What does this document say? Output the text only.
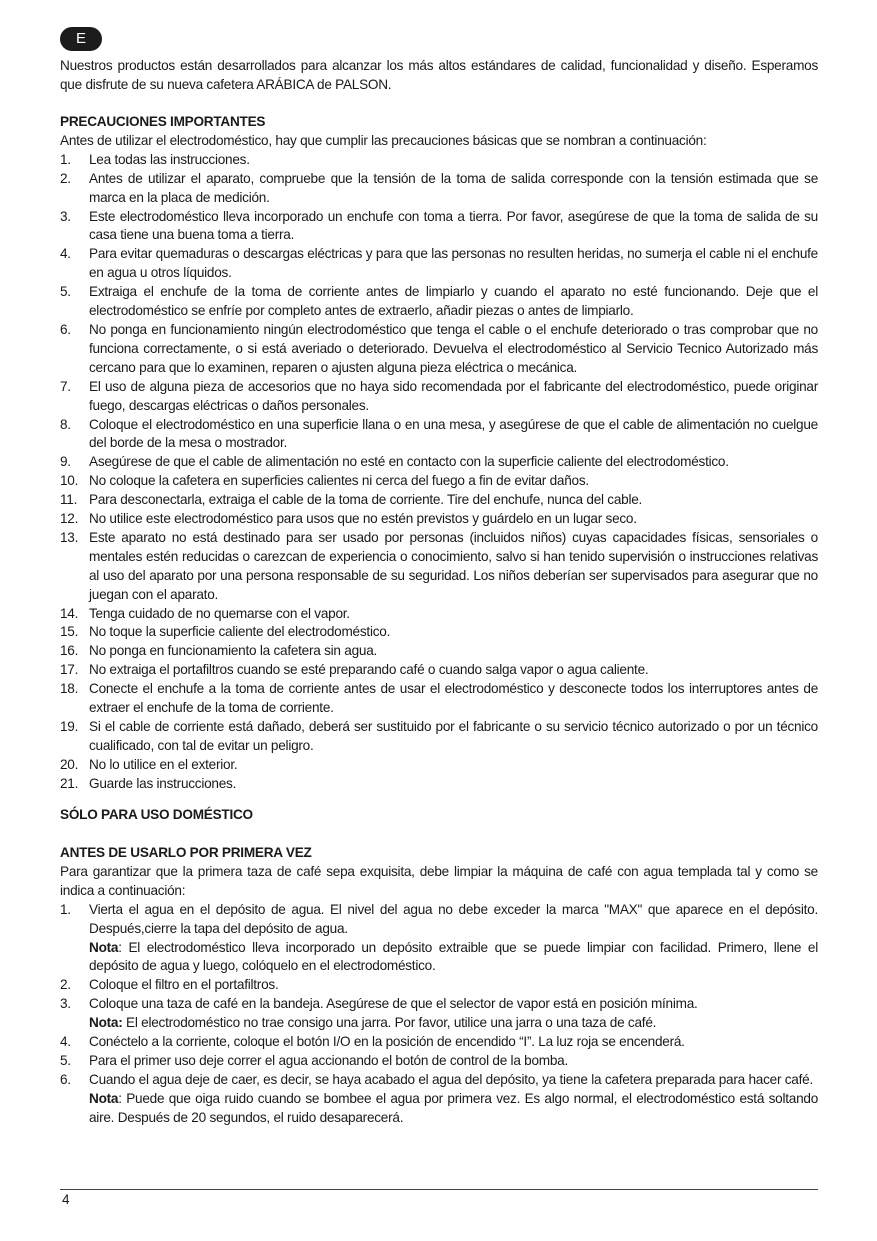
E

Nuestros productos están desarrollados para alcanzar los más altos estándares de calidad, funcionalidad y diseño. Esperamos que disfrute de su nueva cafetera ARÁBICA de PALSON.

PRECAUCIONES IMPORTANTES

Antes de utilizar el electrodoméstico, hay que cumplir las precauciones básicas que se nombran a continuación:

1. Lea todas las instrucciones.
2. Antes de utilizar el aparato, compruebe que la tensión de la toma de salida corresponde con la tensión estimada que se marca en la placa de medición.
3. Este electrodoméstico lleva incorporado un enchufe con toma a tierra. Por favor, asegúrese de que la toma de salida de su casa tiene una buena toma a tierra.
4. Para evitar quemaduras o descargas eléctricas y para que las personas no resulten heridas, no sumerja el cable ni el enchufe en agua u otros líquidos.
5. Extraiga el enchufe de la toma de corriente antes de limpiarlo y cuando el aparato no esté funcionando. Deje que el electrodoméstico se enfríe por completo antes de extraerlo, añadir piezas o antes de limpiarlo.
6. No ponga en funcionamiento ningún electrodoméstico que tenga el cable o el enchufe deteriorado o tras comprobar que no funciona correctamente, o si está averiado o deteriorado. Devuelva el electrodoméstico al Servicio Tecnico Autorizado más cercano para que lo examinen, reparen o ajusten alguna pieza eléctrica o mecánica.
7. El uso de alguna pieza de accesorios que no haya sido recomendada por el fabricante del electrodoméstico, puede originar fuego, descargas eléctricas o daños personales.
8. Coloque el electrodoméstico en una superficie llana o en una mesa, y asegúrese de que el cable de alimentación no cuelgue del borde de la mesa o mostrador.
9. Asegúrese de que el cable de alimentación no esté en contacto con la superficie caliente del electrodoméstico.
10. No coloque la cafetera en superficies calientes ni cerca del fuego a fin de evitar daños.
11. Para desconectarla, extraiga el cable de la toma de corriente. Tire del enchufe, nunca del cable.
12. No utilice este electrodoméstico para usos que no estén previstos y guárdelo en un lugar seco.
13. Este aparato no está destinado para ser usado por personas (incluidos niños) cuyas capacidades físicas, sensoriales o mentales estén reducidas o carezcan de experiencia o conocimiento, salvo si han tenido supervisión o instrucciones relativas al uso del aparato por una persona responsable de su seguridad. Los niños deberían ser supervisados para asegurar que no juegan con el aparato.
14. Tenga cuidado de no quemarse con el vapor.
15. No toque la superficie caliente del electrodoméstico.
16. No ponga en funcionamiento la cafetera sin agua.
17. No extraiga el portafiltros cuando se esté preparando café o cuando salga vapor o agua caliente.
18. Conecte el enchufe a la toma de corriente antes de usar el electrodoméstico y desconecte todos los interruptores antes de extraer el enchufe de la toma de corriente.
19. Si el cable de corriente está dañado, deberá ser sustituido por el fabricante o su servicio técnico autorizado o por un técnico cualificado, con tal de evitar un peligro.
20. No lo utilice en el exterior.
21. Guarde las instrucciones.

SÓLO PARA USO DOMÉSTICO

ANTES DE USARLO POR PRIMERA VEZ

Para garantizar que la primera taza de café sepa exquisita, debe limpiar la máquina de café con agua templada tal y como se indica a continuación:

1. Vierta el agua en el depósito de agua. El nivel del agua no debe exceder la marca "MAX" que aparece en el depósito. Después,cierre la tapa del depósito de agua.
Nota: El electrodoméstico lleva incorporado un depósito extraible que se puede limpiar con facilidad. Primero, llene el depósito de agua y luego, colóquelo en el electrodoméstico.
2. Coloque el filtro en el portafiltros.
3. Coloque una taza de café en la bandeja. Asegúrese de que el selector de vapor está en posición mínima.
Nota: El electrodoméstico no trae consigo una jarra. Por favor, utilice una jarra o una taza de café.
4. Conéctelo a la corriente, coloque el botón I/O en la posición de encendido “I”. La luz roja se encenderá.
5. Para el primer uso deje correr el agua accionando el botón de control de la bomba.
6. Cuando el agua deje de caer, es decir, se haya acabado el agua del depósito, ya tiene la cafetera preparada para hacer café.
Nota: Puede que oiga ruido cuando se bombee el agua por primera vez. Es algo normal, el electrodoméstico está soltando aire. Después de 20 segundos, el ruido desaparecerá.
4
